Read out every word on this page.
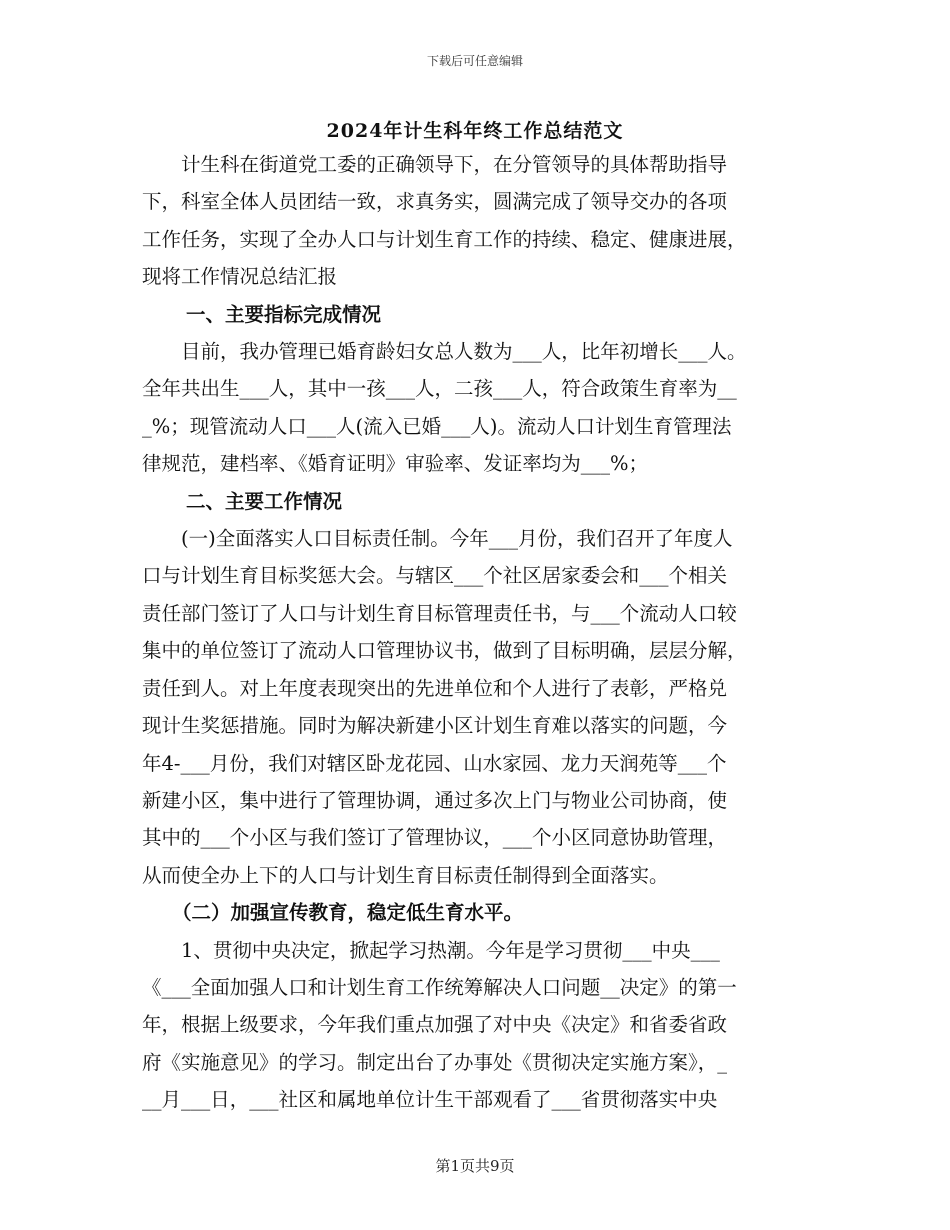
下载后可任意编辑
2024年计生科年终工作总结范文
计生科在街道党工委的正确领导下，在分管领导的具体帮助指导
下，科室全体人员团结一致，求真务实，圆满完成了领导交办的各项
工作任务，实现了全办人口与计划生育工作的持续、稳定、健康进展，
现将工作情况总结汇报
一、主要指标完成情况
目前，我办管理已婚育龄妇女总人数为___人，比年初增长___人。
全年共出生___人，其中一孩___人，二孩___人，符合政策生育率为__
_%；现管流动人口___人(流入已婚___人)。流动人口计划生育管理法
律规范，建档率、《婚育证明》审验率、发证率均为___%；
二、主要工作情况
(一)全面落实人口目标责任制。今年___月份，我们召开了年度人
口与计划生育目标奖惩大会。与辖区___个社区居家委会和___个相关
责任部门签订了人口与计划生育目标管理责任书，与___个流动人口较
集中的单位签订了流动人口管理协议书，做到了目标明确，层层分解，
责任到人。对上年度表现突出的先进单位和个人进行了表彰，严格兑
现计生奖惩措施。同时为解决新建小区计划生育难以落实的问题，今
年4-___月份，我们对辖区卧龙花园、山水家园、龙力天润苑等___个
新建小区，集中进行了管理协调，通过多次上门与物业公司协商，使
其中的___个小区与我们签订了管理协议，___个小区同意协助管理，
从而使全办上下的人口与计划生育目标责任制得到全面落实。
（二）加强宣传教育，稳定低生育水平。
1、贯彻中央决定，掀起学习热潮。今年是学习贯彻___中央___
《___全面加强人口和计划生育工作统筹解决人口问题__决定》的第一
年，根据上级要求，今年我们重点加强了对中央《决定》和省委省政
府《实施意见》的学习。制定出台了办事处《贯彻决定实施方案》，_
__月___日，___社区和属地单位计生干部观看了___省贯彻落实中央
第1页共9页
